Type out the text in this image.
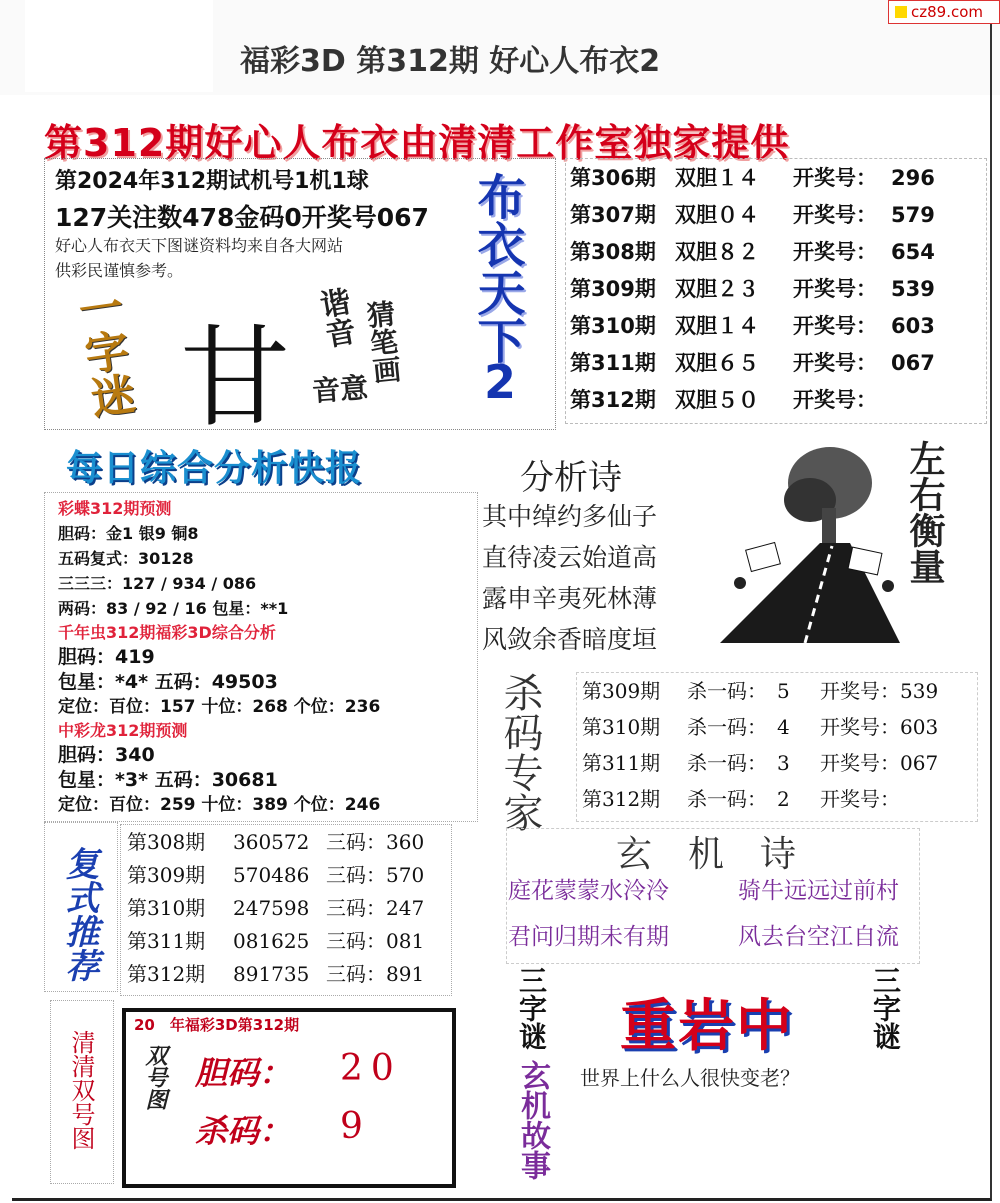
cz89.com
福彩3D 第312期 好心人布衣2
第312期好心人布衣由清清工作室独家提供
第2024年312期试机号1机1球
127关注数478金码0开奖号067
好心人布衣天下图谜资料均来自各大网站
供彩民谨慎参考。
一字迷 甘 谐音 猜笔画
音意
布衣天下
2
第306期 双胆１４	开奖号： 296
第307期 双胆０４	开奖号： 579
第308期 双胆８２	开奖号： 654
第309期 双胆２３	开奖号： 539
第310期 双胆１４	开奖号： 603
第311期 双胆６５	开奖号： 067
第312期 双胆５０	开奖号：
每日综合分析快报
彩蝶312期预测
胆码：金1 银9 铜8
五码复式：30128
三三三：127 / 934 / 086
两码：83 / 92 / 16 包星：**1
千年虫312期福彩3D综合分析
胆码：419
包星：*4* 五码：49503
定位：百位：157 十位：268 个位：236
中彩龙312期预测
胆码：340
包星：*3* 五码：30681
定位：百位：259 十位：389 个位：246
分析诗
其中绰约多仙子
直待凌云始道高
露申辛夷死林薄
风敛余香暗度垣
左右衡量
杀码专家 第309期	杀一码：　5	开奖号：539
第310期	杀一码：　4	开奖号：603
第311期	杀一码：　3	开奖号：067
第312期	杀一码：　2	开奖号：
复式推荐
第308期	360572 三码：360
第309期	570486 三码：570
第310期	247598 三码：247
第311期	081625 三码：081
第312期	891735 三码：891
玄　机　诗
庭花蒙蒙水泠泠	骑牛远远过前村
君问归期未有期	风去台空江自流
清清双号图
20　年福彩3D第312期
双号图 胆码： 20
杀码： 9
三字谜	三字谜
重岩中
玄机故事 世界上什么人很快变老？
